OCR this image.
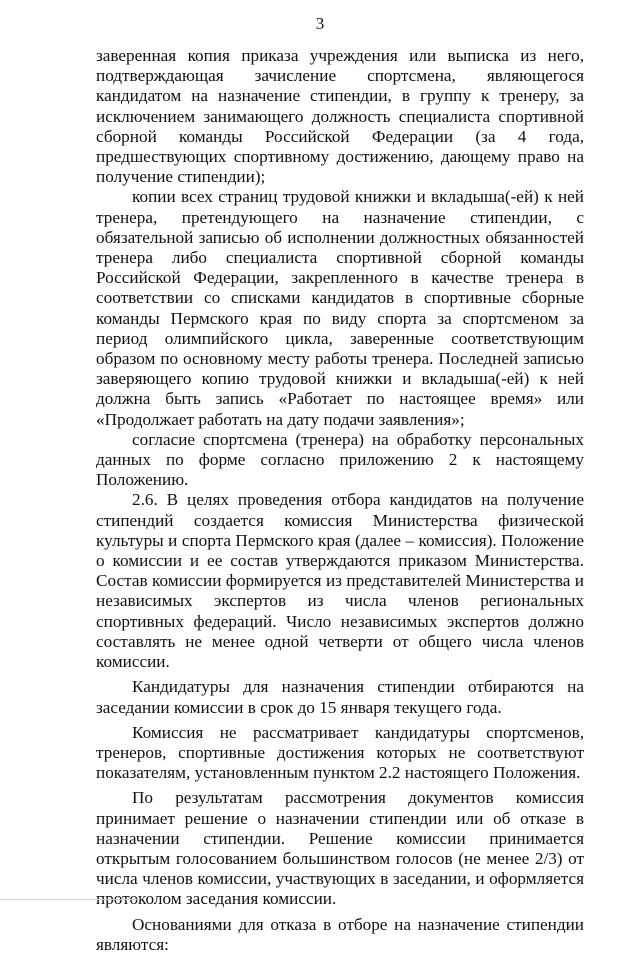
3

заверенная копия приказа учреждения или выписка из него, подтверждающая зачисление спортсмена, являющегося кандидатом на назначение стипендии, в группу к тренеру, за исключением занимающего должность специалиста спортивной сборной команды Российской Федерации (за 4 года, предшествующих спортивному достижению, дающему право на получение стипендии);

копии всех страниц трудовой книжки и вкладыша(-ей) к ней тренера, претендующего на назначение стипендии, с обязательной записью об исполнении должностных обязанностей тренера либо специалиста спортивной сборной команды Российской Федерации, закрепленного в качестве тренера в соответствии со списками кандидатов в спортивные сборные команды Пермского края по виду спорта за спортсменом за период олимпийского цикла, заверенные соответствующим образом по основному месту работы тренера. Последней записью заверяющего копию трудовой книжки и вкладыша(-ей) к ней должна быть запись «Работает по настоящее время» или «Продолжает работать на дату подачи заявления»;

согласие спортсмена (тренера) на обработку персональных данных по форме согласно приложению 2 к настоящему Положению.

2.6. В целях проведения отбора кандидатов на получение стипендий создается комиссия Министерства физической культуры и спорта Пермского края (далее – комиссия). Положение о комиссии и ее состав утверждаются приказом Министерства. Состав комиссии формируется из представителей Министерства и независимых экспертов из числа членов региональных спортивных федераций. Число независимых экспертов должно составлять не менее одной четверти от общего числа членов комиссии.

Кандидатуры для назначения стипендии отбираются на заседании комиссии в срок до 15 января текущего года.

Комиссия не рассматривает кандидатуры спортсменов, тренеров, спортивные достижения которых не соответствуют показателям, установленным пунктом 2.2 настоящего Положения.

По результатам рассмотрения документов комиссия принимает решение о назначении стипендии или об отказе в назначении стипендии. Решение комиссии принимается открытым голосованием большинством голосов (не менее 2/3) от числа членов комиссии, участвующих в заседании, и оформляется протоколом заседания комиссии.

Основаниями для отказа в отборе на назначение стипендии являются:
